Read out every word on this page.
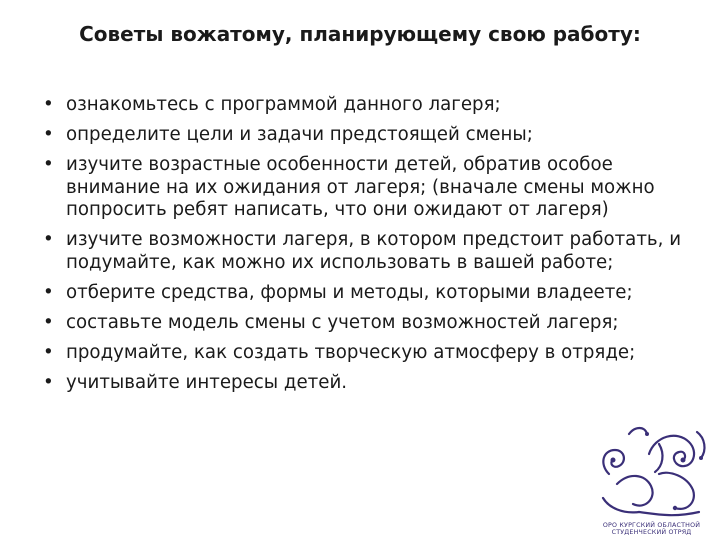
Советы вожатому, планирующему свою работу:
• ознакомьтесь с программой данного лагеря;
• определите цели и задачи предстоящей смены;
• изучите возрастные особенности детей, обратив особое внимание на их ожидания от лагеря; (вначале смены можно попросить ребят написать, что они ожидают от лагеря)
• изучите возможности лагеря, в котором предстоит работать, и подумайте, как можно их использовать в вашей работе;
• отберите средства, формы и методы, которыми владеете;
• составьте модель смены с учетом возможностей лагеря;
• продумайте, как создать творческую атмосферу в отряде;
• учитывайте интересы детей.
ОРО КУРГСКИЙ ОБЛАСТНОЙ
СТУДЕНЧЕСКИЙ ОТРЯД
